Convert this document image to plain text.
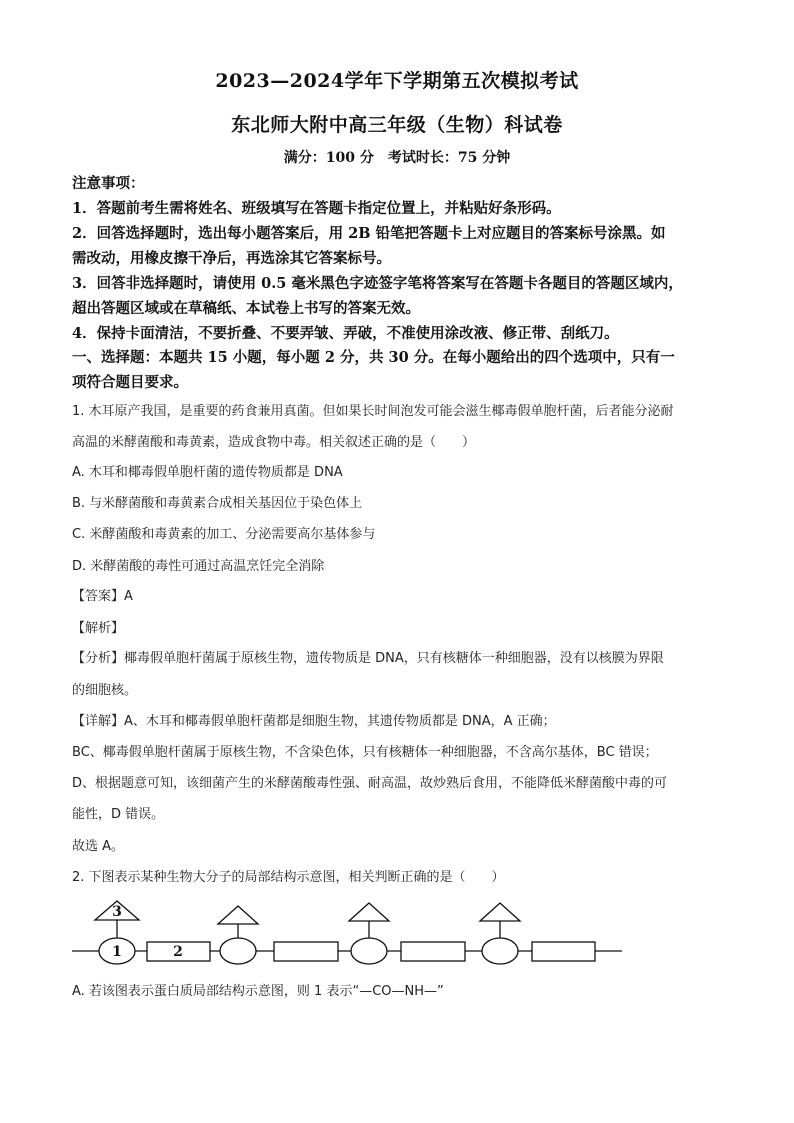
2023—2024学年下学期第五次模拟考试
东北师大附中高三年级（生物）科试卷
满分：100 分　考试时长：75 分钟
注意事项：
1．答题前考生需将姓名、班级填写在答题卡指定位置上，并粘贴好条形码。
2．回答选择题时，选出每小题答案后，用 2B 铅笔把答题卡上对应题目的答案标号涂黑。如
需改动，用橡皮擦干净后，再选涂其它答案标号。
3．回答非选择题时，请使用 0.5 毫米黑色字迹签字笔将答案写在答题卡各题目的答题区域内，
超出答题区域或在草稿纸、本试卷上书写的答案无效。
4．保持卡面清洁，不要折叠、不要弄皱、弄破，不准使用涂改液、修正带、刮纸刀。
一、选择题：本题共 15 小题，每小题 2 分，共 30 分。在每小题给出的四个选项中，只有一
项符合题目要求。
1. 木耳原产我国，是重要的药食兼用真菌。但如果长时间泡发可能会滋生椰毒假单胞杆菌，后者能分泌耐
高温的米酵菌酸和毒黄素，造成食物中毒。相关叙述正确的是（　　）
A. 木耳和椰毒假单胞杆菌的遗传物质都是 DNA
B. 与米酵菌酸和毒黄素合成相关基因位于染色体上
C. 米酵菌酸和毒黄素的加工、分泌需要高尔基体参与
D. 米酵菌酸的毒性可通过高温烹饪完全消除
【答案】A
【解析】
【分析】椰毒假单胞杆菌属于原核生物，遗传物质是 DNA，只有核糖体一种细胞器，没有以核膜为界限
的细胞核。
【详解】A、木耳和椰毒假单胞杆菌都是细胞生物，其遗传物质都是 DNA，A 正确；
BC、椰毒假单胞杆菌属于原核生物，不含染色体，只有核糖体一种细胞器，不含高尔基体，BC 错误；
D、根据题意可知，该细菌产生的米酵菌酸毒性强、耐高温，故炒熟后食用，不能降低米酵菌酸中毒的可
能性，D 错误。
故选 A。
2. 下图表示某种生物大分子的局部结构示意图，相关判断正确的是（　　）
3
1	2
A. 若该图表示蛋白质局部结构示意图，则 1 表示“—CO—NH—”
